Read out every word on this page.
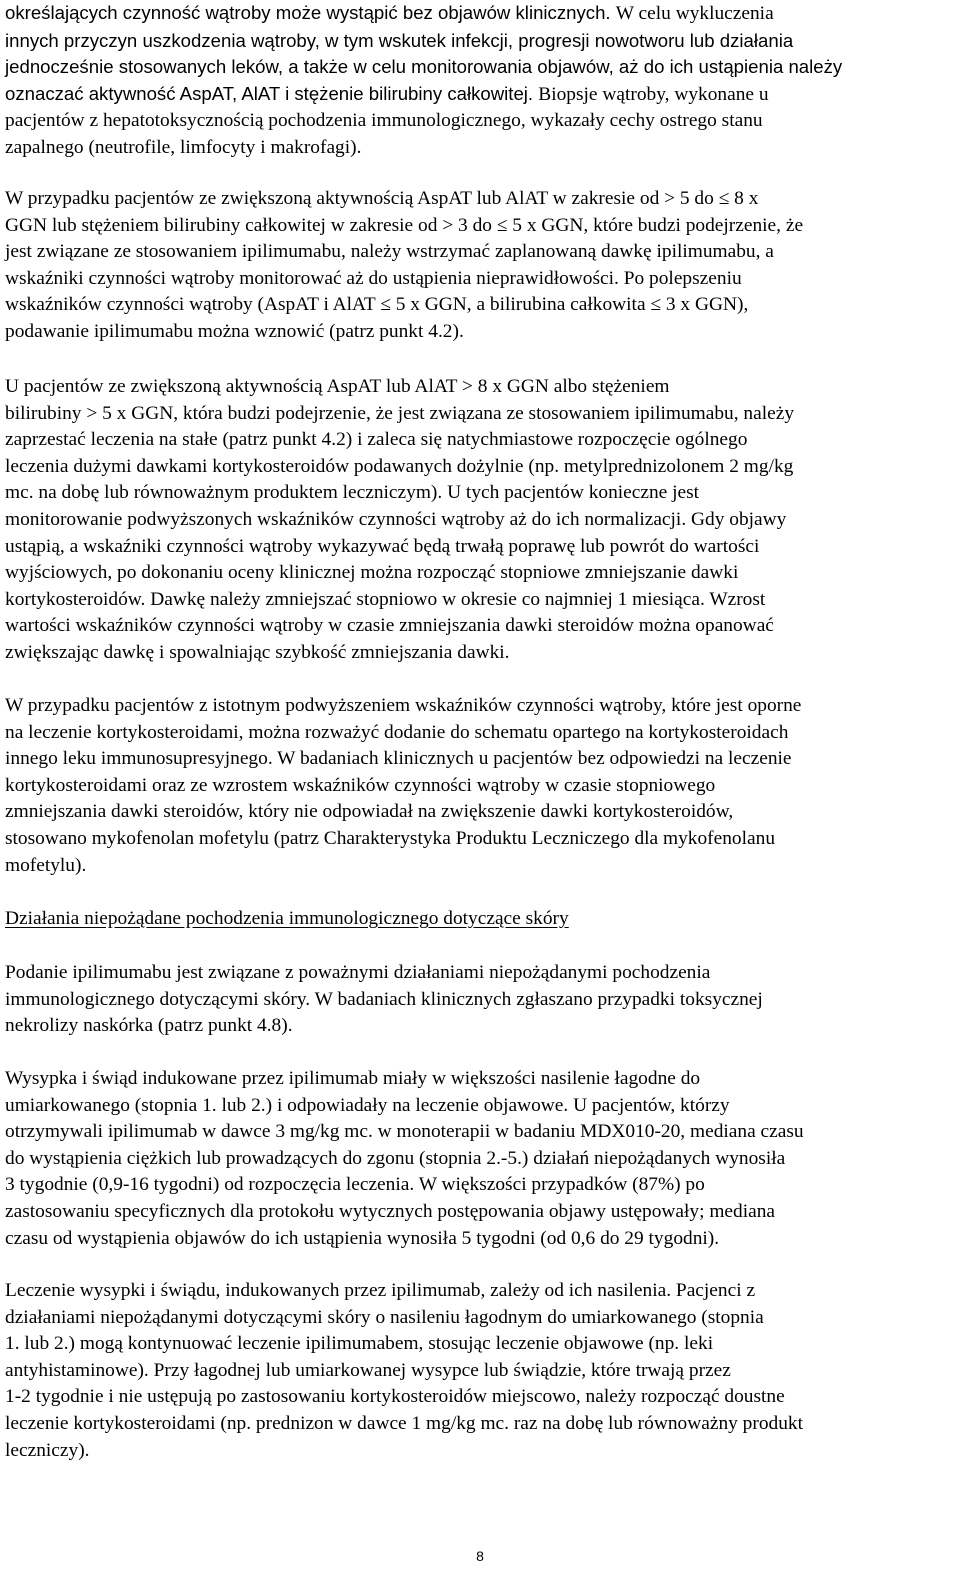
określających czynność wątroby może wystąpić bez objawów klinicznych. W celu wykluczenia
innych przyczyn uszkodzenia wątroby, w tym wskutek infekcji, progresji nowotworu lub działania
jednocześnie stosowanych leków, a także w celu monitorowania objawów, aż do ich ustąpienia należy
oznaczać aktywność AspAT, AlAT i stężenie bilirubiny całkowitej. Biopsje wątroby, wykonane u
pacjentów z hepatotoksycznością pochodzenia immunologicznego, wykazały cechy ostrego stanu
zapalnego (neutrofile, limfocyty i makrofagi).

W przypadku pacjentów ze zwiększoną aktywnością AspAT lub AlAT w zakresie od > 5 do ≤ 8 x
GGN lub stężeniem bilirubiny całkowitej w zakresie od > 3 do ≤ 5 x GGN, które budzi podejrzenie, że
jest związane ze stosowaniem ipilimumabu, należy wstrzymać zaplanowaną dawkę ipilimumabu, a
wskaźniki czynności wątroby monitorować aż do ustąpienia nieprawidłowości. Po polepszeniu
wskaźników czynności wątroby (AspAT i AlAT ≤ 5 x GGN, a bilirubina całkowita ≤ 3 x GGN),
podawanie ipilimumabu można wznowić (patrz punkt 4.2).

U pacjentów ze zwiększoną aktywnością AspAT lub AlAT > 8 x GGN albo stężeniem
bilirubiny > 5 x GGN, która budzi podejrzenie, że jest związana ze stosowaniem ipilimumabu, należy
zaprzestać leczenia na stałe (patrz punkt 4.2) i zaleca się natychmiastowe rozpoczęcie ogólnego
leczenia dużymi dawkami kortykosteroidów podawanych dożylnie (np. metylprednizolonem 2 mg/kg
mc. na dobę lub równoważnym produktem leczniczym). U tych pacjentów konieczne jest
monitorowanie podwyższonych wskaźników czynności wątroby aż do ich normalizacji. Gdy objawy
ustąpią, a wskaźniki czynności wątroby wykazywać będą trwałą poprawę lub powrót do wartości
wyjściowych, po dokonaniu oceny klinicznej można rozpocząć stopniowe zmniejszanie dawki
kortykosteroidów. Dawkę należy zmniejszać stopniowo w okresie co najmniej 1 miesiąca. Wzrost
wartości wskaźników czynności wątroby w czasie zmniejszania dawki steroidów można opanować
zwiększając dawkę i spowalniając szybkość zmniejszania dawki.

W przypadku pacjentów z istotnym podwyższeniem wskaźników czynności wątroby, które jest oporne
na leczenie kortykosteroidami, można rozważyć dodanie do schematu opartego na kortykosteroidach
innego leku immunosupresyjnego. W badaniach klinicznych u pacjentów bez odpowiedzi na leczenie
kortykosteroidami oraz ze wzrostem wskaźników czynności wątroby w czasie stopniowego
zmniejszania dawki steroidów, który nie odpowiadał na zwiększenie dawki kortykosteroidów,
stosowano mykofenolan mofetylu (patrz Charakterystyka Produktu Leczniczego dla mykofenolanu
mofetylu).

Działania niepożądane pochodzenia immunologicznego dotyczące skóry

Podanie ipilimumabu jest związane z poważnymi działaniami niepożądanymi pochodzenia
immunologicznego dotyczącymi skóry. W badaniach klinicznych zgłaszano przypadki toksycznej
nekrolizy naskórka (patrz punkt 4.8).

Wysypka i świąd indukowane przez ipilimumab miały w większości nasilenie łagodne do
umiarkowanego (stopnia 1. lub 2.) i odpowiadały na leczenie objawowe. U pacjentów, którzy
otrzymywali ipilimumab w dawce 3 mg/kg mc. w monoterapii w badaniu MDX010-20, mediana czasu
do wystąpienia ciężkich lub prowadzących do zgonu (stopnia 2.-5.) działań niepożądanych wynosiła
3 tygodnie (0,9-16 tygodni) od rozpoczęcia leczenia. W większości przypadków (87%) po
zastosowaniu specyficznych dla protokołu wytycznych postępowania objawy ustępowały; mediana
czasu od wystąpienia objawów do ich ustąpienia wynosiła 5 tygodni (od 0,6 do 29 tygodni).

Leczenie wysypki i świądu, indukowanych przez ipilimumab, zależy od ich nasilenia. Pacjenci z
działaniami niepożądanymi dotyczącymi skóry o nasileniu łagodnym do umiarkowanego (stopnia
1. lub 2.) mogą kontynuować leczenie ipilimumabem, stosując leczenie objawowe (np. leki
antyhistaminowe). Przy łagodnej lub umiarkowanej wysypce lub świądzie, które trwają przez
1-2 tygodnie i nie ustępują po zastosowaniu kortykosteroidów miejscowo, należy rozpocząć doustne
leczenie kortykosteroidami (np. prednizon w dawce 1 mg/kg mc. raz na dobę lub równoważny produkt
leczniczy).

8
